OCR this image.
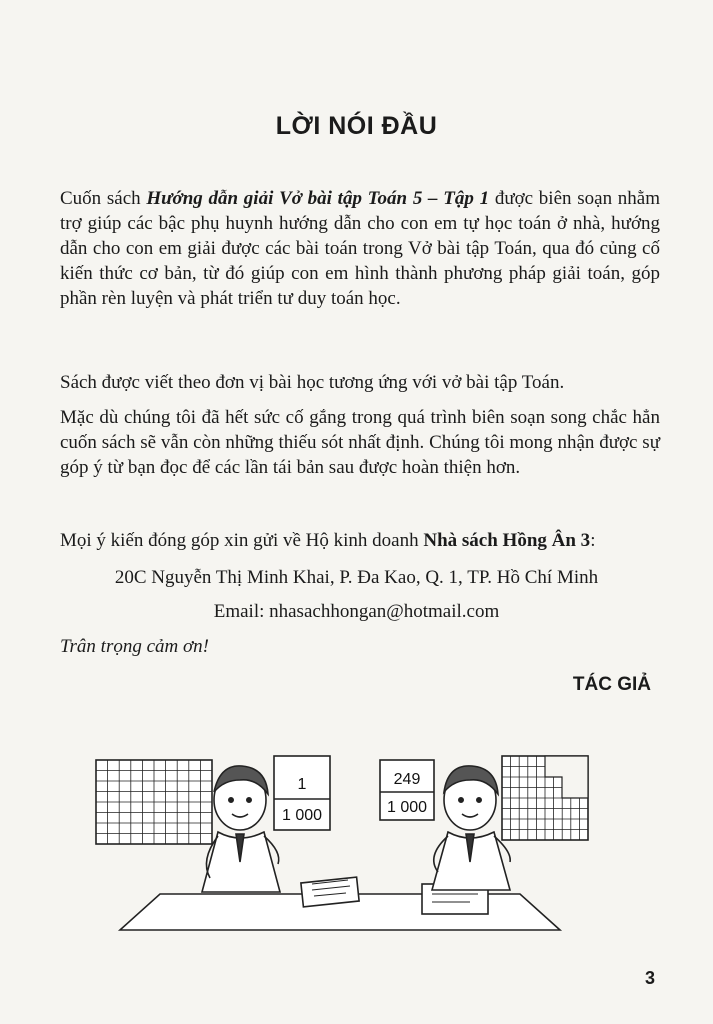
LỜI NÓI ĐẦU
Cuốn sách Hướng dẫn giải Vở bài tập Toán 5 – Tập 1 được biên soạn nhằm trợ giúp các bậc phụ huynh hướng dẫn cho con em tự học toán ở nhà, hướng dẫn cho con em giải được các bài toán trong Vở bài tập Toán, qua đó củng cố kiến thức cơ bản, từ đó giúp con em hình thành phương pháp giải toán, góp phần rèn luyện và phát triển tư duy toán học.
Sách được viết theo đơn vị bài học tương ứng với vở bài tập Toán.
Mặc dù chúng tôi đã hết sức cố gắng trong quá trình biên soạn song chắc hẳn cuốn sách sẽ vẫn còn những thiếu sót nhất định. Chúng tôi mong nhận được sự góp ý từ bạn đọc để các lần tái bản sau được hoàn thiện hơn.
Mọi ý kiến đóng góp xin gửi về Hộ kinh doanh Nhà sách Hồng Ân 3:
20C Nguyễn Thị Minh Khai, P. Đa Kao, Q. 1, TP. Hồ Chí Minh
Email: nhasachhongan@hotmail.com
Trân trọng cảm ơn!
TÁC GIẢ
1
1 000
249
1 000
3
